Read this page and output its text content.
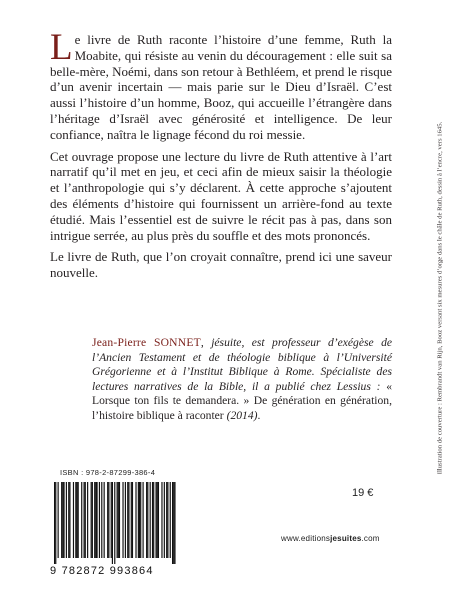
Le livre de Ruth raconte l’histoire d’une femme, Ruth la Moabite, qui résiste au venin du découragement : elle suit sa belle-mère, Noémi, dans son retour à Bethléem, et prend le risque d’un avenir incertain — mais parie sur le Dieu d’Israël. C’est aussi l’histoire d’un homme, Booz, qui accueille l’étrangère dans l’héritage d’Israël avec générosité et intelligence. De leur confiance, naîtra le lignage fécond du roi messie.

Cet ouvrage propose une lecture du livre de Ruth attentive à l’art narratif qu’il met en jeu, et ceci afin de mieux saisir la théologie et l’anthropologie qui s’y déclarent. À cette approche s’ajoutent des éléments d’histoire qui fournissent un arrière-fond au texte étudié. Mais l’essentiel est de suivre le récit pas à pas, dans son intrigue serrée, au plus près du souffle et des mots prononcés.

Le livre de Ruth, que l’on croyait connaître, prend ici une saveur nouvelle.

Jean-Pierre SONNET, jésuite, est professeur d’exégèse de l’Ancien Testament et de théologie biblique à l’Université Grégorienne et à l’Institut Biblique à Rome. Spécialiste des lectures narratives de la Bible, il a publié chez Lessius : « Lorsque ton fils te demandera. » De génération en génération, l’histoire biblique à raconter (2014).	Illustration de couverture : Rembrandt van Rijn, Booz versant six mesures d’orge dans le châle de Ruth, dessin à l’encre, vers 1645.
ISBN : 978-2-87299-386-4
9 782872 993864
19 €
www.editionsjesuites.com
